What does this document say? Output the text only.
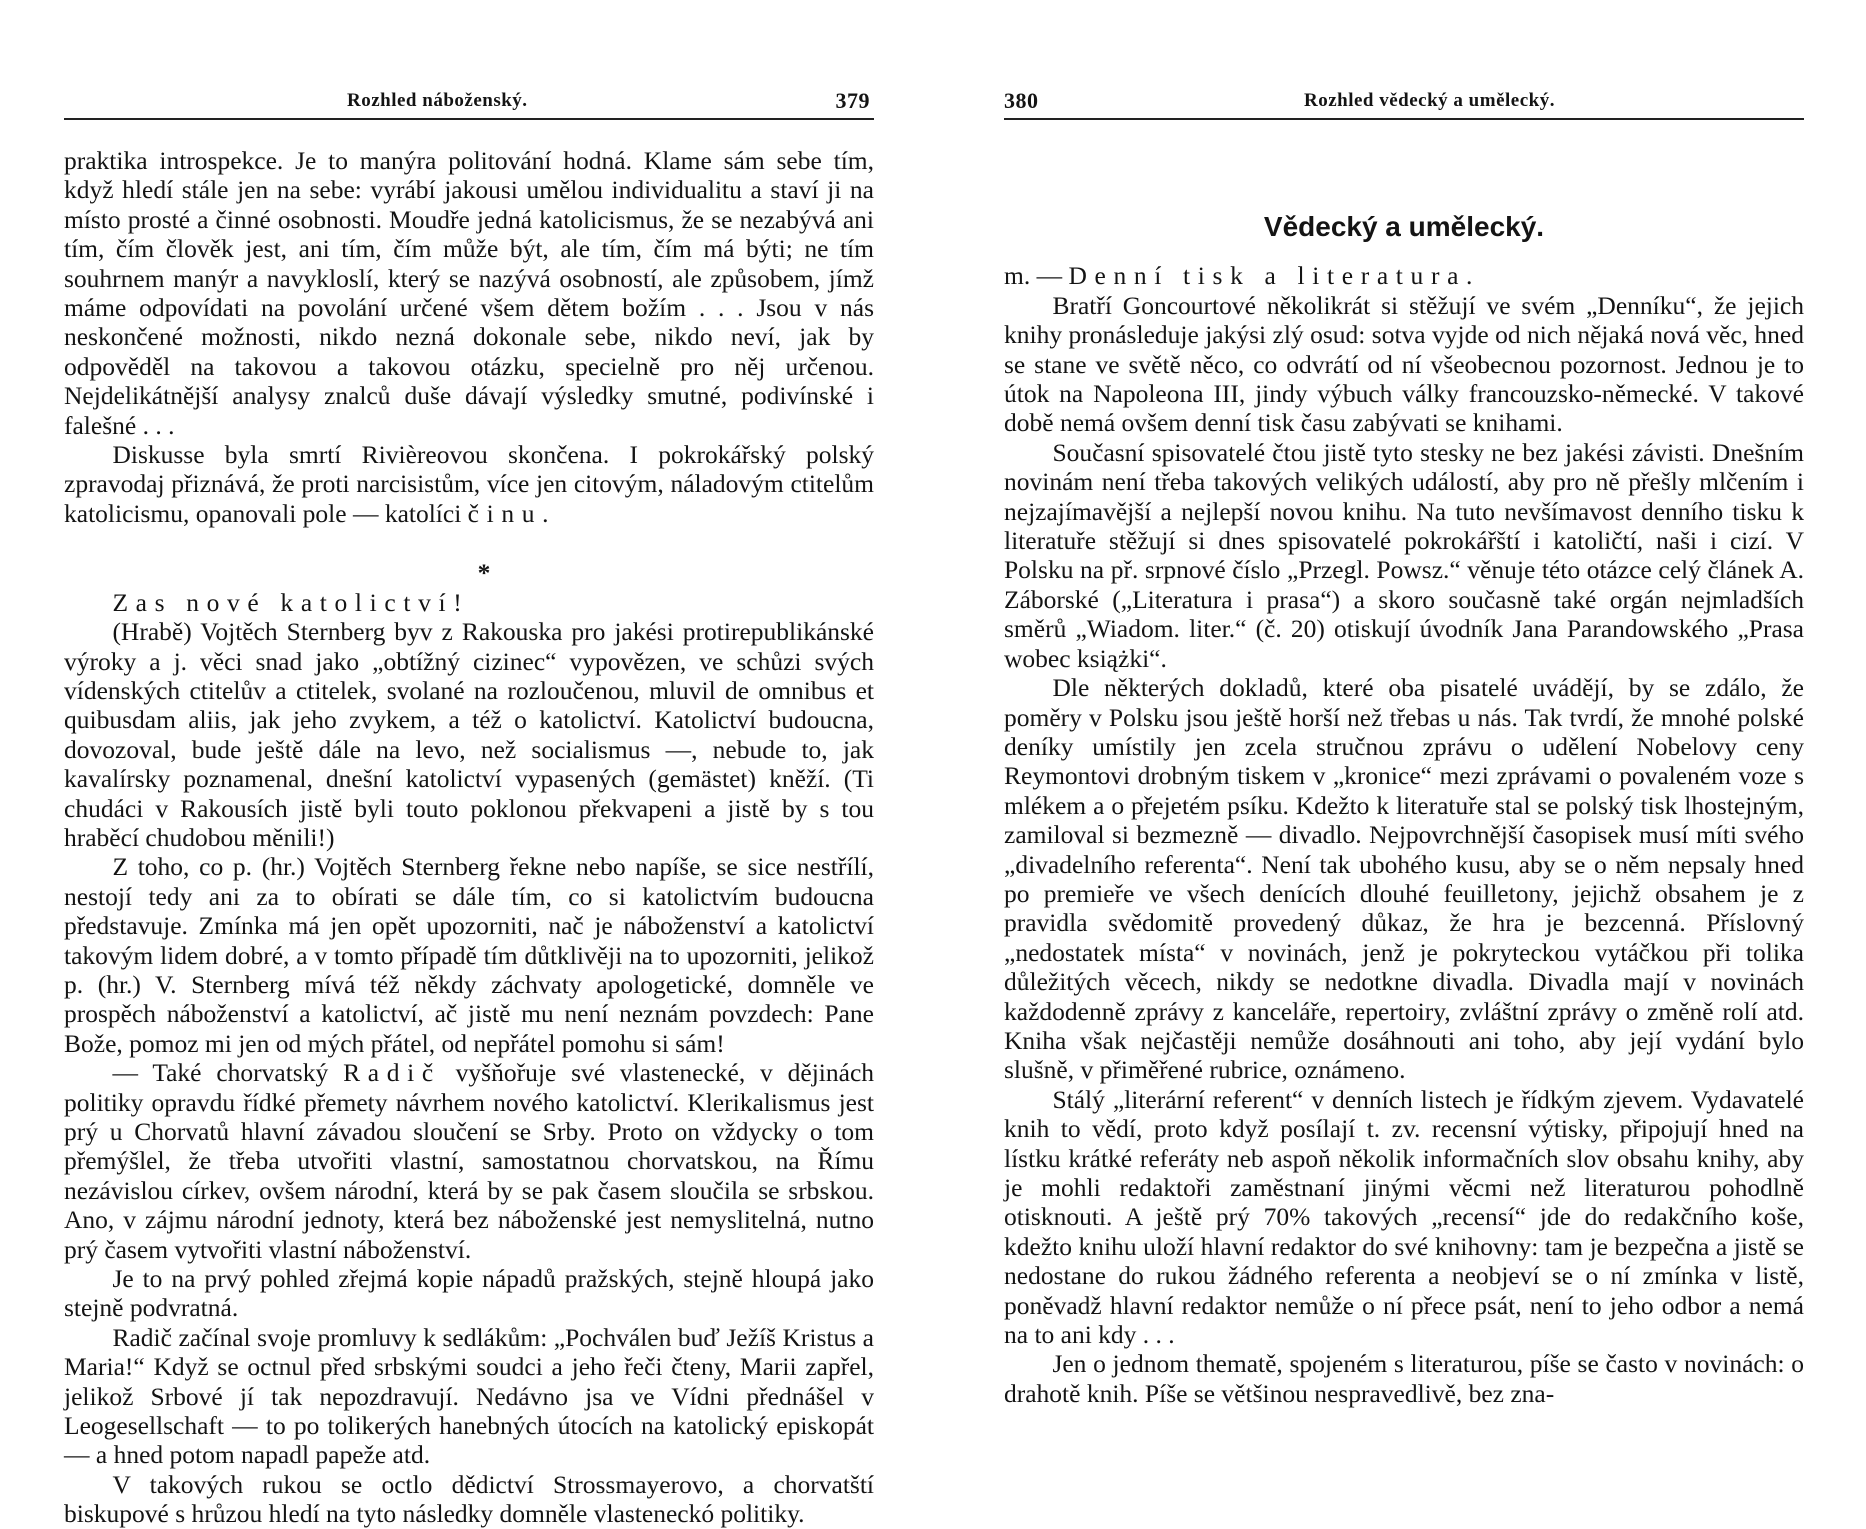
Rozhled náboženský.	379

praktika introspekce. Je to manýra politování hodná. Klame sám sebe tím, když hledí stále jen na sebe: vyrábí jakousi umělou individualitu a staví ji na místo prosté a činné osobnosti. Moudře jedná katolicismus, že se nezabývá ani tím, čím člověk jest, ani tím, čím může být, ale tím, čím má býti; ne tím souhrnem manýr a navykloslí, který se nazývá osobností, ale způsobem, jímž máme odpovídati na povolání určené všem dětem božím . . . Jsou v nás neskončené možnosti, nikdo nezná dokonale sebe, nikdo neví, jak by odpověděl na takovou a takovou otázku, specielně pro něj určenou. Nejdelikátnější analysy znalců duše dávají výsledky smutné, podivínské i falešné . . .

Diskusse byla smrtí Rivièreovou skončena. I pokrokářský polský zpravodaj přiznává, že proti narcisistům, více jen citovým, náladovým ctitelům katolicismu, opanovali pole — katolíci činu.

*

Zas nové katolictví!

(Hrabě) Vojtěch Sternberg byv z Rakouska pro jakési protirepublikánské výroky a j. věci snad jako „obtížný cizinec“ vypovězen, ve schůzi svých vídenských ctitelův a ctitelek, svolané na rozloučenou, mluvil de omnibus et quibusdam aliis, jak jeho zvykem, a též o katolictví. Katolictví budoucna, dovozoval, bude ještě dále na levo, než socialismus —, nebude to, jak kavalírsky poznamenal, dnešní katolictví vypasených (gemästet) kněží. (Ti chudáci v Rakousích jistě byli touto poklonou překvapeni a jistě by s tou hraběcí chudobou měnili!)

Z toho, co p. (hr.) Vojtěch Sternberg řekne nebo napíše, se sice nestřílí, nestojí tedy ani za to obírati se dále tím, co si katolictvím budoucna představuje. Zmínka má jen opět upozorniti, nač je náboženství a katolictví takovým lidem dobré, a v tomto případě tím důtklivěji na to upozorniti, jelikož p. (hr.) V. Sternberg mívá též někdy záchvaty apologetické, domněle ve prospěch náboženství a katolictví, ač jistě mu není neznám povzdech: Pane Bože, pomoz mi jen od mých přátel, od nepřátel pomohu si sám!

— Také chorvatský Radič vyšňořuje své vlastenecké, v dějinách politiky opravdu řídké přemety návrhem nového katolictví. Klerikalismus jest prý u Chorvatů hlavní závadou sloučení se Srby. Proto on vždycky o tom přemýšlel, že třeba utvořiti vlastní, samostatnou chorvatskou, na Římu nezávislou církev, ovšem národní, která by se pak časem sloučila se srbskou. Ano, v zájmu národní jednoty, která bez náboženské jest nemyslitelná, nutno prý časem vytvořiti vlastní náboženství.

Je to na prvý pohled zřejmá kopie nápadů pražských, stejně hloupá jako stejně podvratná.

Radič začínal svoje promluvy k sedlákům: „Pochválen buď Ježíš Kristus a Maria!“ Když se octnul před srbskými soudci a jeho řeči čteny, Marii zapřel, jelikož Srbové jí tak nepozdravují. Nedávno jsa ve Vídni přednášel v Leogesellschaft — to po tolikerých hanebných útocích na katolický episkopát — a hned potom napadl papeže atd.

V takových rukou se octlo dědictví Strossmayerovo, a chorvatští biskupové s hrůzou hledí na tyto následky domněle vlasteneckó politiky.

380	Rozhled vědecký a umělecký.
Vědecký a umělecký.

m. — Denní tisk a literatura.

Bratří Goncourtové několikrát si stěžují ve svém „Denníku“, že jejich knihy pronásleduje jakýsi zlý osud: sotva vyjde od nich nějaká nová věc, hned se stane ve světě něco, co odvrátí od ní všeobecnou pozornost. Jednou je to útok na Napoleona III, jindy výbuch války francouzsko-německé. V takové době nemá ovšem denní tisk času zabývati se knihami.

Současní spisovatelé čtou jistě tyto stesky ne bez jakési závisti. Dnešním novinám není třeba takových velikých událostí, aby pro ně přešly mlčením i nejzajímavější a nejlepší novou knihu. Na tuto nevšímavost denního tisku k literatuře stěžují si dnes spisovatelé pokrokářští i katoličtí, naši i cizí. V Polsku na př. srpnové číslo „Przegl. Powsz.“ věnuje této otázce celý článek A. Záborské („Literatura i prasa“) a skoro současně také orgán nejmladších směrů „Wiadom. liter.“ (č. 20) otiskují úvodník Jana Parandowského „Prasa wobec książki“.

Dle některých dokladů, které oba pisatelé uvádějí, by se zdálo, že poměry v Polsku jsou ještě horší než třebas u nás. Tak tvrdí, že mnohé polské deníky umístily jen zcela stručnou zprávu o udělení Nobelovy ceny Reymontovi drobným tiskem v „kronice“ mezi zprávami o povaleném voze s mlékem a o přejetém psíku. Kdežto k literatuře stal se polský tisk lhostejným, zamiloval si bezmezně — divadlo. Nejpovrchnější časopisek musí míti svého „divadelního referenta“. Není tak ubohého kusu, aby se o něm nepsaly hned po premieře ve všech denících dlouhé feuilletony, jejichž obsahem je z pravidla svědomitě provedený důkaz, že hra je bezcenná. Příslovný „nedostatek místa“ v novinách, jenž je pokryteckou vytáčkou při tolika důležitých věcech, nikdy se nedotkne divadla. Divadla mají v novinách každodenně zprávy z kanceláře, repertoiry, zvláštní zprávy o změně rolí atd. Kniha však nejčastěji nemůže dosáhnouti ani toho, aby její vydání bylo slušně, v přiměřené rubrice, oznámeno.

Stálý „literární referent“ v denních listech je řídkým zjevem. Vydavatelé knih to vědí, proto když posílají t. zv. recensní výtisky, připojují hned na lístku krátké referáty neb aspoň několik informačních slov obsahu knihy, aby je mohli redaktoři zaměstnaní jinými věcmi než literaturou pohodlně otisknouti. A ještě prý 70% takových „recensí“ jde do redakčního koše, kdežto knihu uloží hlavní redaktor do své knihovny: tam je bezpečna a jistě se nedostane do rukou žádného referenta a neobjeví se o ní zmínka v listě, poněvadž hlavní redaktor nemůže o ní přece psát, není to jeho odbor a nemá na to ani kdy . . .

Jen o jednom thematě, spojeném s literaturou, píše se často v novinách: o drahotě knih. Píše se většinou nespravedlivě, bez zna-
